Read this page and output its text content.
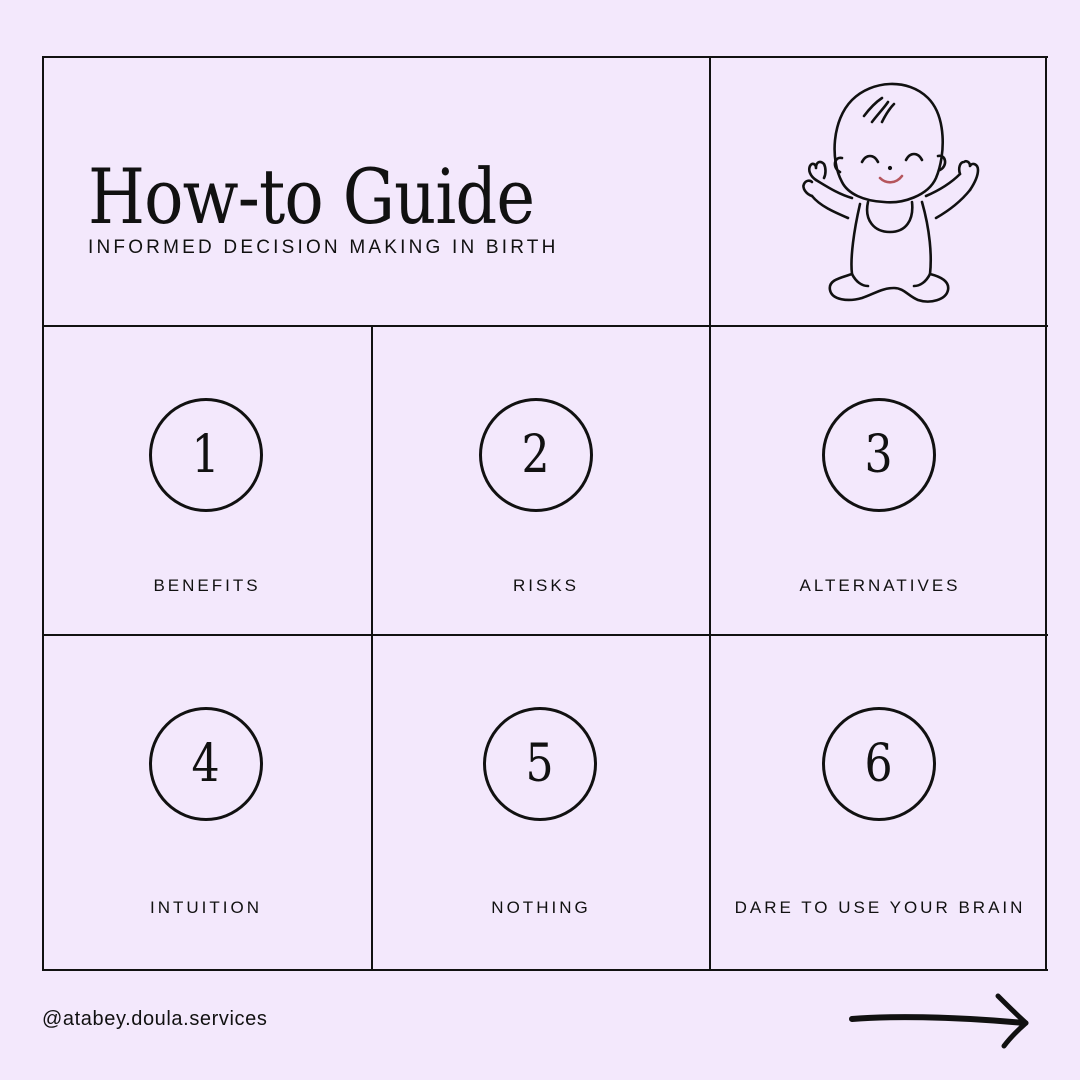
How-to Guide
INFORMED DECISION MAKING IN BIRTH
1
BENEFITS
2
RISKS
3
ALTERNATIVES
4
INTUITION
5
NOTHING
6
DARE TO USE YOUR BRAIN
@atabey.doula.services
